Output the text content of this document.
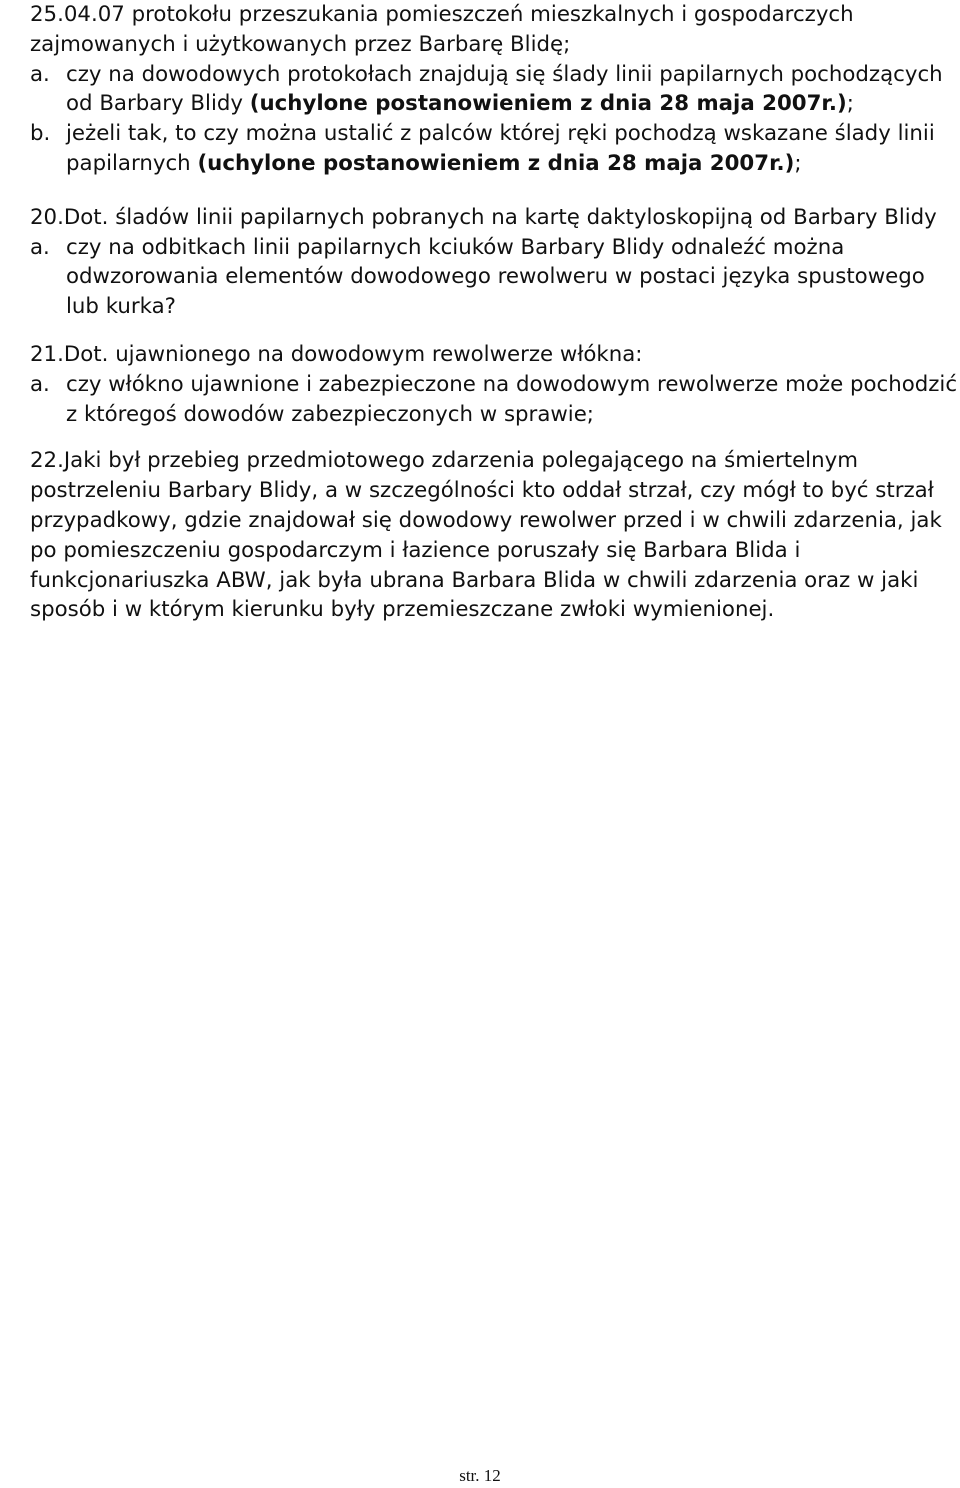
25.04.07 protokołu przeszukania pomieszczeń mieszkalnych i gospodarczych zajmowanych i użytkowanych przez Barbarę Blidę;

a. czy na dowodowych protokołach znajdują się ślady linii papilarnych pochodzących od Barbary Blidy (uchylone postanowieniem z dnia 28 maja 2007r.);

b. jeżeli tak, to czy można ustalić z palców której ręki pochodzą wskazane ślady linii papilarnych (uchylone postanowieniem z dnia 28 maja 2007r.);

20.Dot. śladów linii papilarnych pobranych na kartę daktyloskopijną od Barbary Blidy

a. czy na odbitkach linii papilarnych kciuków Barbary Blidy odnaleźć można odwzorowania elementów dowodowego rewolweru w postaci języka spustowego lub kurka?

21.Dot. ujawnionego na dowodowym rewolwerze włókna:

a. czy włókno ujawnione i zabezpieczone na dowodowym rewolwerze może pochodzić z któregoś dowodów zabezpieczonych w sprawie;

22.Jaki był przebieg przedmiotowego zdarzenia polegającego na śmiertelnym postrzeleniu Barbary Blidy, a w szczególności kto oddał strzał, czy mógł to być strzał przypadkowy, gdzie znajdował się dowodowy rewolwer przed i w chwili zdarzenia, jak po pomieszczeniu gospodarczym i łazience poruszały się Barbara Blida i funkcjonariuszka ABW, jak była ubrana Barbara Blida w chwili zdarzenia oraz w jaki sposób i w którym kierunku były przemieszczane zwłoki wymienionej.

str. 12
